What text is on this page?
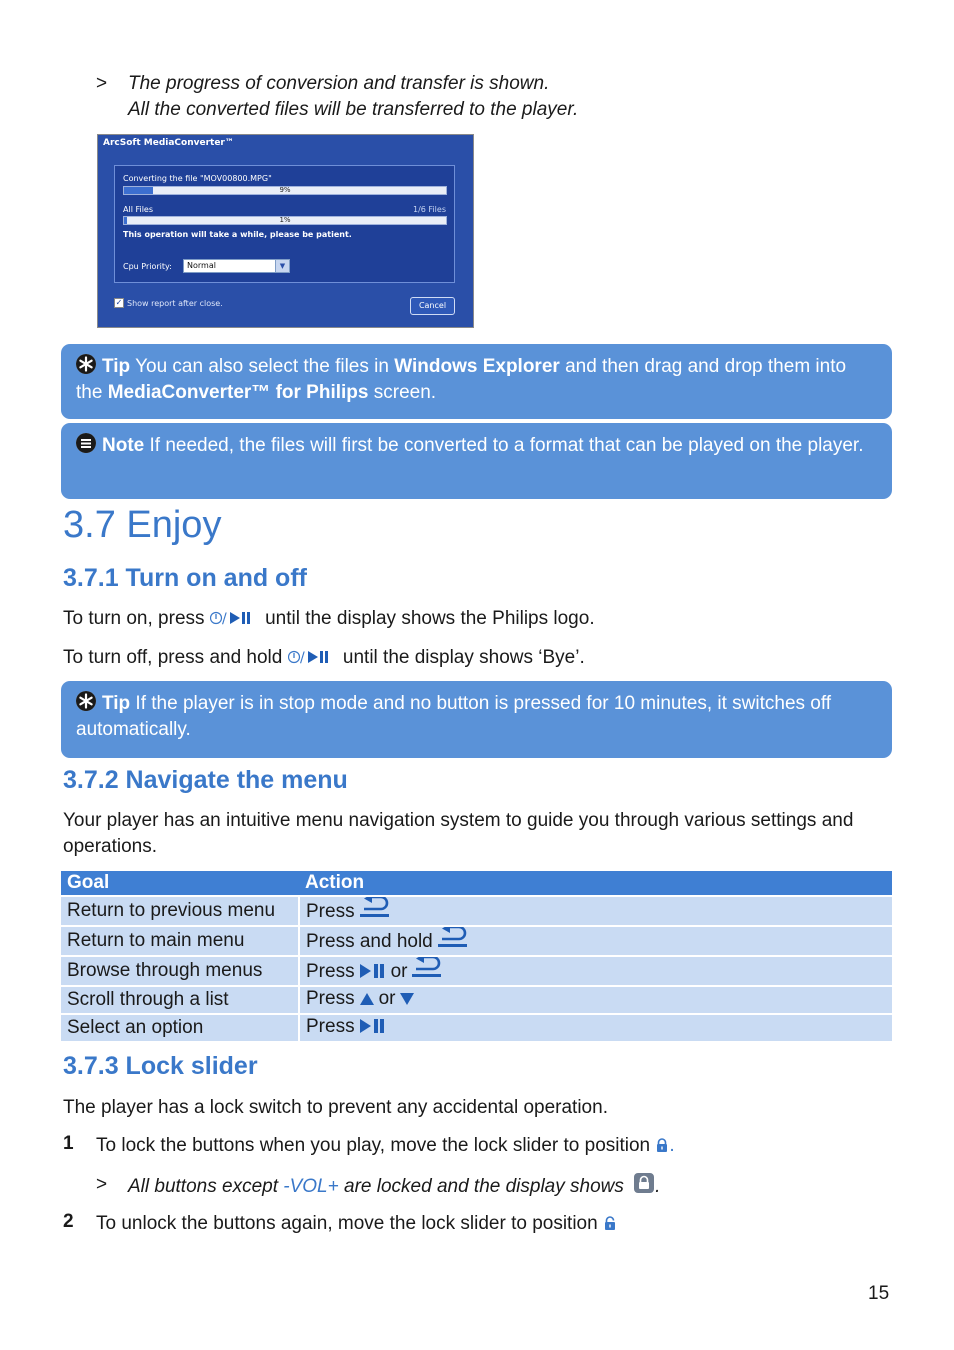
> The progress of conversion and transfer is shown.
All the converted files will be transferred to the player.
ArcSoft MediaConverter™
Converting the file "MOV00800.MPG"
9%
All Files	1/6 Files
1%
This operation will take a while, please be patient.
Cpu Priority:	Normal	▼
✓ Show report after close.	Cancel
Tip You can also select the files in Windows Explorer and then drag and drop them into the MediaConverter™ for Philips screen.
Note If needed, the files will first be converted to a format that can be played on the player.
3.7 Enjoy
3.7.1 Turn on and off
To turn on, press / until the display shows the Philips logo.
To turn off, press and hold / until the display shows ‘Bye’.
Tip If the player is in stop mode and no button is pressed for 10 minutes, it switches off automatically.
3.7.2 Navigate the menu
Your player has an intuitive menu navigation system to guide you through various settings and operations.
Goal	Action
Return to previous menu	Press
Return to main menu	Press and hold
Browse through menus	Press or
Scroll through a list	Press or
Select an option	Press
3.7.3 Lock slider
The player has a lock switch to prevent any accidental operation.
1 To lock the buttons when you play, move the lock slider to position .
> All buttons except -VOL+ are locked and the display shows .
2 To unlock the buttons again, move the lock slider to position
15
